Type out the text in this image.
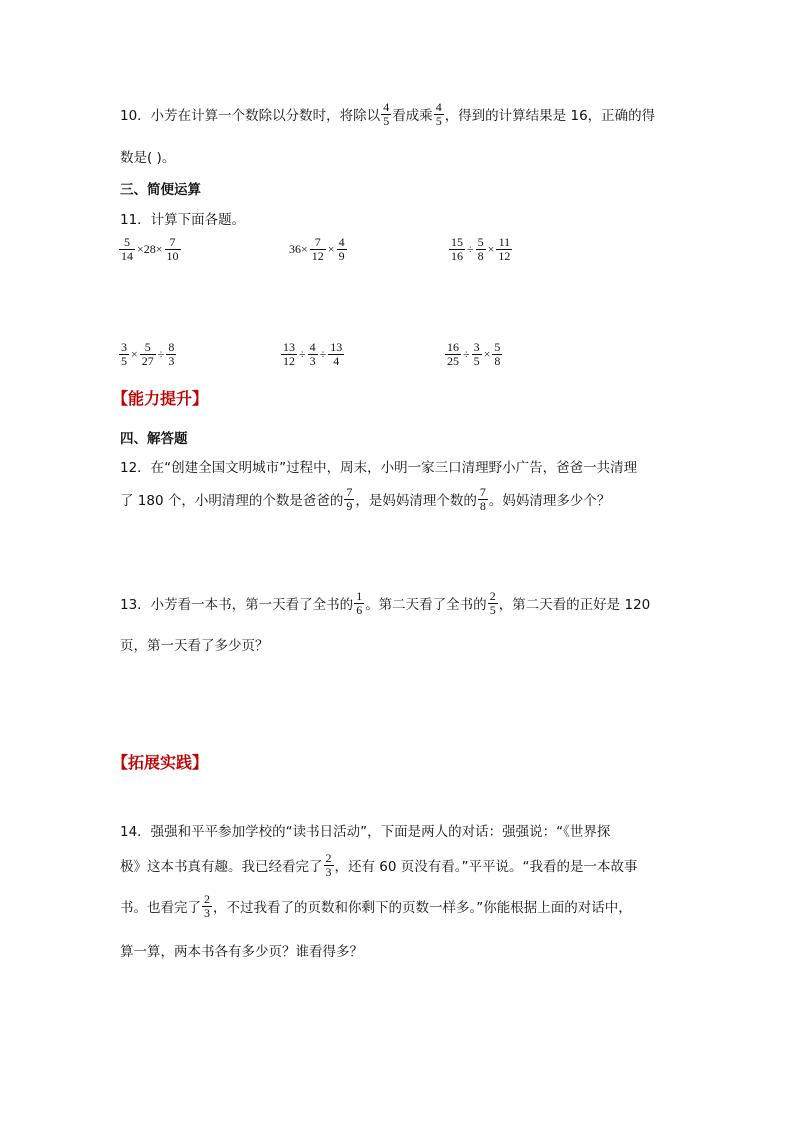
10．小芳在计算一个数除以分数时，将除以 $\frac{4}{5}$ 看成乘 $\frac{4}{5}$ ，得到的计算结果是 16，正确的得
数是( )。
三、简便运算
11．计算下面各题。
$\frac{5}{14} \times 28\times \frac{7}{10}$	$36\times \frac{7}{12} \times \frac{4}{9}$	$\frac{15}{16} \div \frac{5}{8} \times \frac{11}{12}$
$\frac{3}{5} \times \frac{5}{27} \div \frac{8}{3}$	$\frac{13}{12} \div \frac{4}{3} \div \frac{13}{4}$	$\frac{16}{25} \div \frac{3}{5} \times \frac{5}{8}$
【能力提升】
四、解答题
12．在“创建全国文明城市”过程中，周末，小明一家三口清理野小广告，爸爸一共清理
了 180 个，小明清理的个数是爸爸的 $\frac{7}{9}$ ，是妈妈清理个数的 $\frac{7}{8}$ 。妈妈清理多少个？
13．小芳看一本书，第一天看了全书的 $\frac{1}{6}$ 。第二天看了全书的 $\frac{2}{5}$ ，第二天看的正好是 120
页，第一天看了多少页？
【拓展实践】
14．强强和平平参加学校的“读书日活动”，下面是两人的对话：强强说：“《世界探
极》这本书真有趣。我已经看完了 $\frac{2}{3}$ ，还有 60 页没有看。”平平说。“我看的是一本故事
书。也看完了 $\frac{2}{3}$ ，不过我看了的页数和你剩下的页数一样多。”你能根据上面的对话中，
算一算，两本书各有多少页？谁看得多？
